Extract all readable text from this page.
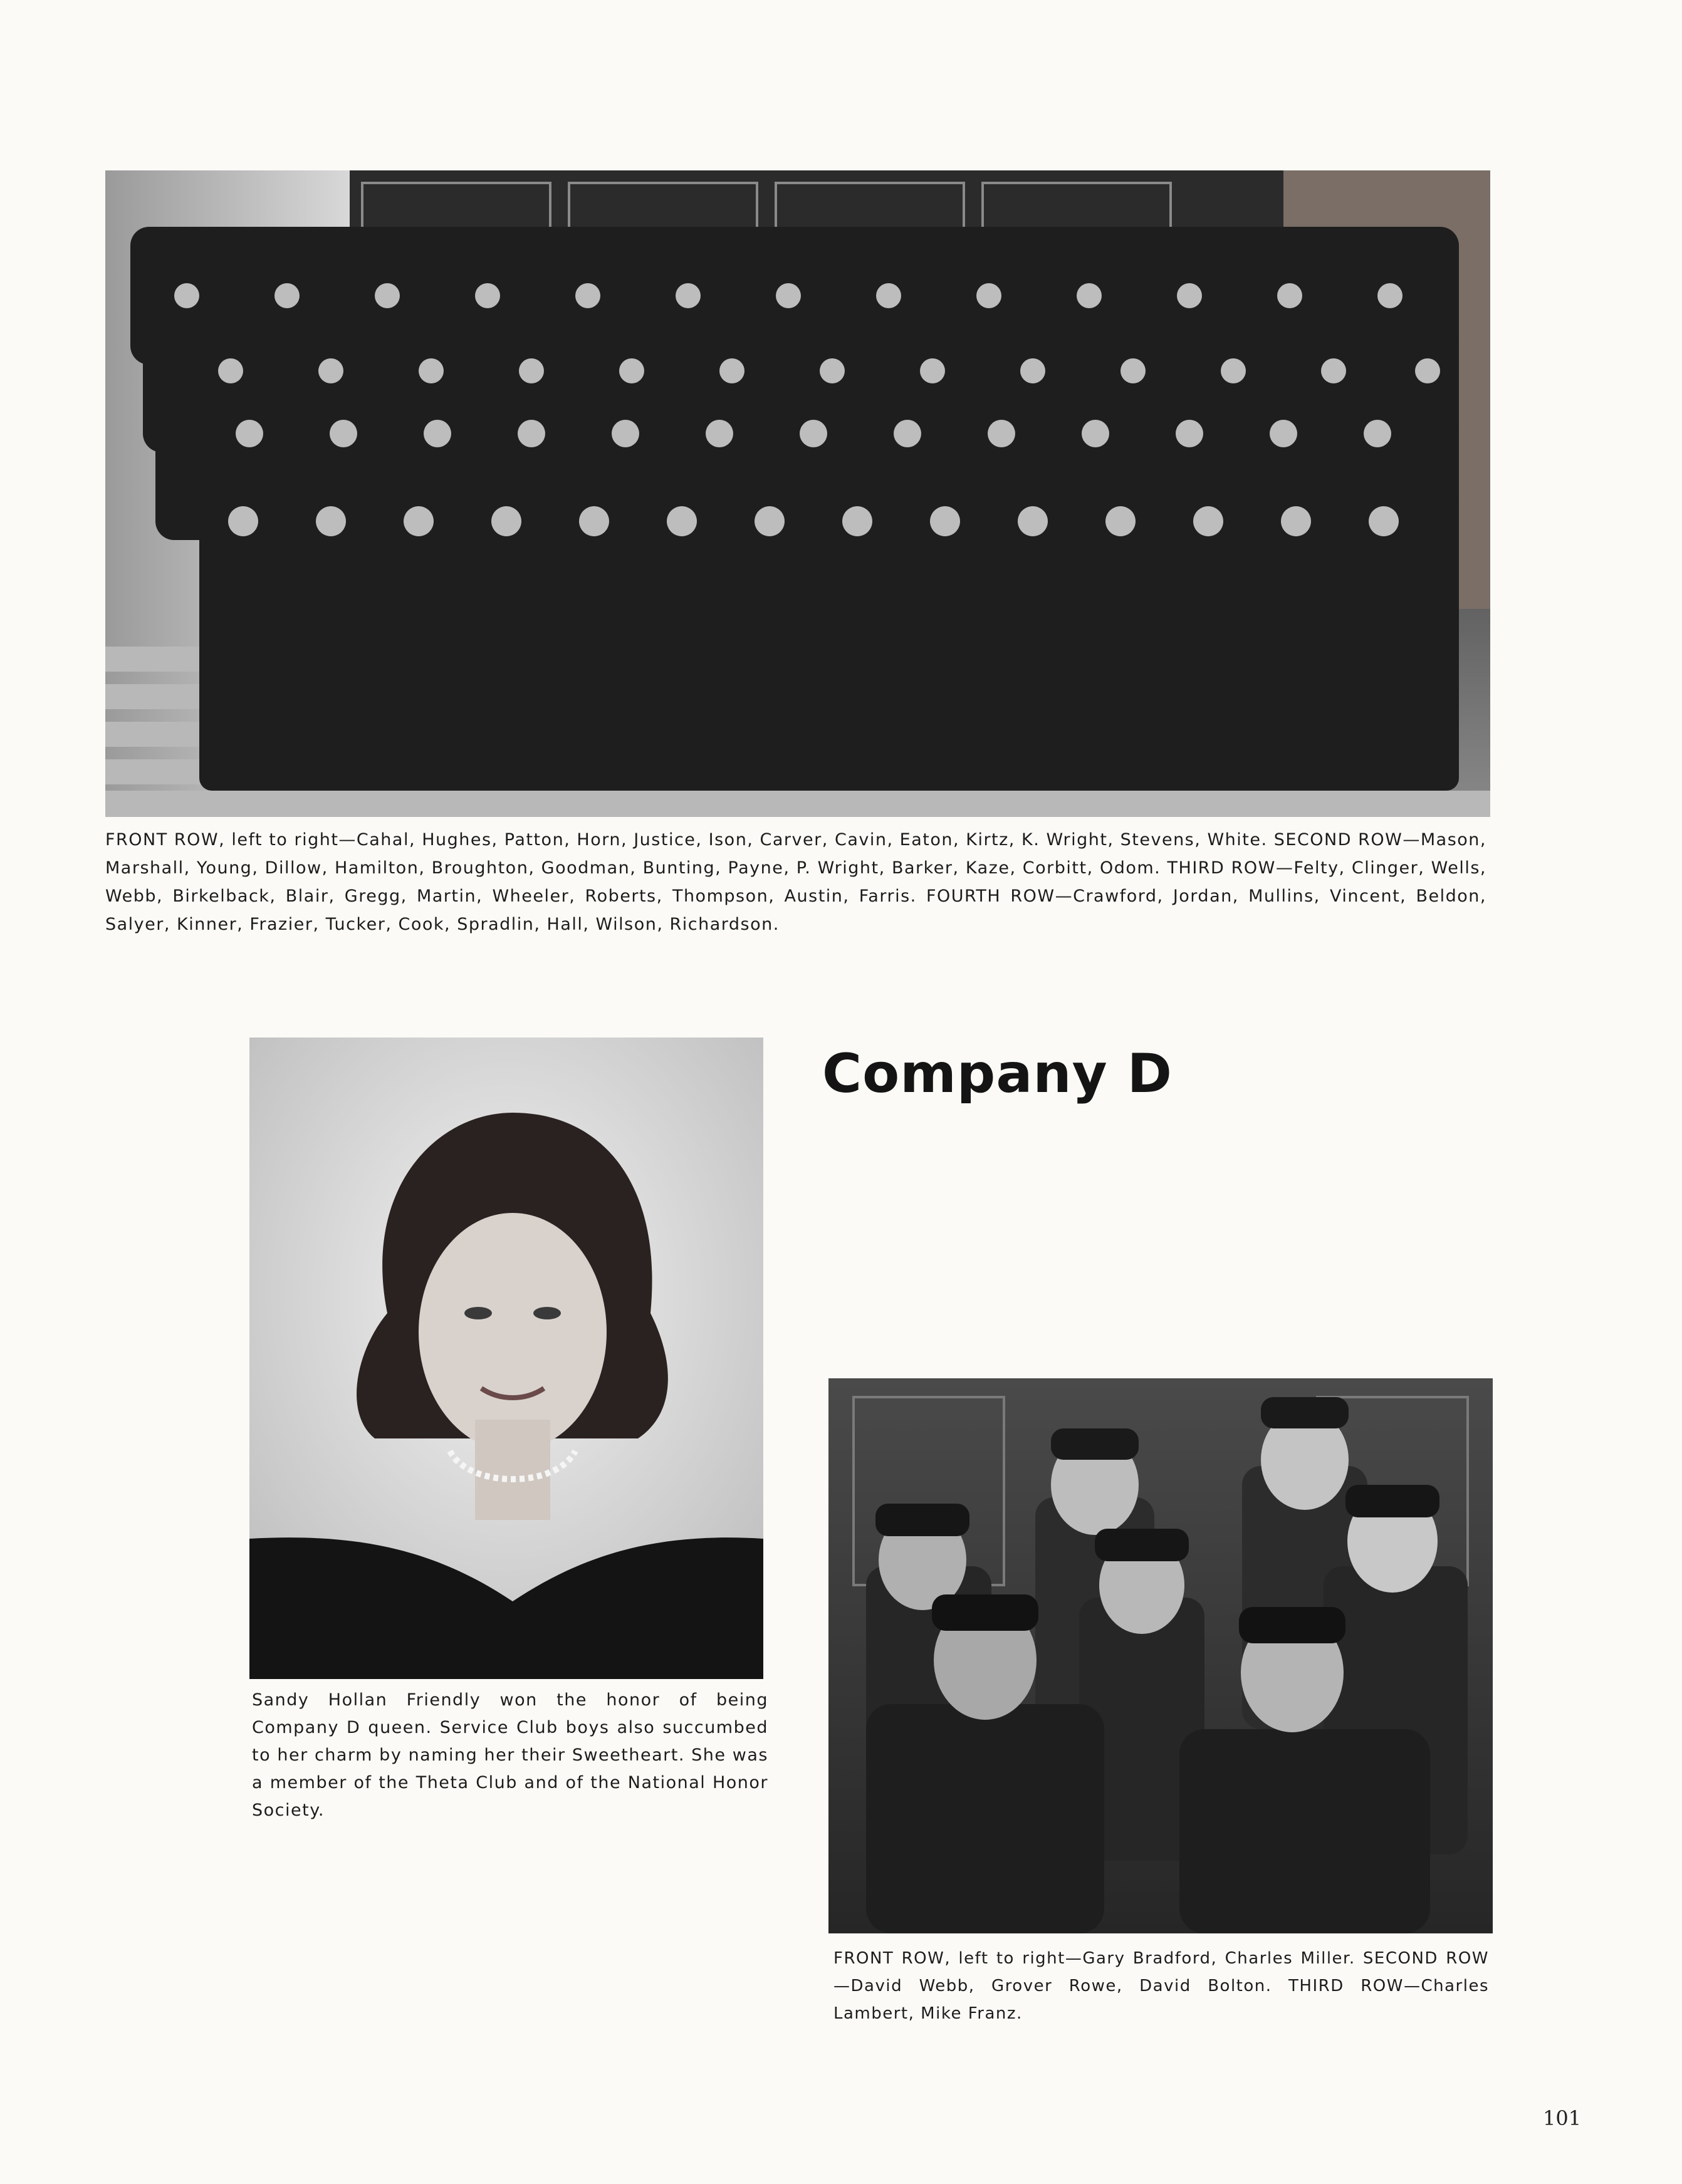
FRONT ROW, left to right—Cahal, Hughes, Patton, Horn, Justice, Ison, Carver, Cavin, Eaton, Kirtz, K. Wright, Stevens, White. SECOND ROW—Mason, Marshall, Young, Dillow, Hamilton, Broughton, Goodman, Bunting, Payne, P. Wright, Barker, Kaze, Corbitt, Odom. THIRD ROW—Felty, Clinger, Wells, Webb, Birkelback, Blair, Gregg, Martin, Wheeler, Roberts, Thompson, Austin, Farris. FOURTH ROW—Crawford, Jordan, Mullins, Vincent, Beldon, Salyer, Kinner, Frazier, Tucker, Cook, Spradlin, Hall, Wilson, Richardson.
Sandy Hollan Friendly won the honor of being Company D queen. Service Club boys also succumbed to her charm by naming her their Sweetheart. She was a member of the Theta Club and of the National Honor Society.
Company D
FRONT ROW, left to right—Gary Bradford, Charles Miller. SECOND ROW—David Webb, Grover Rowe, David Bolton. THIRD ROW—Charles Lambert, Mike Franz.
101
